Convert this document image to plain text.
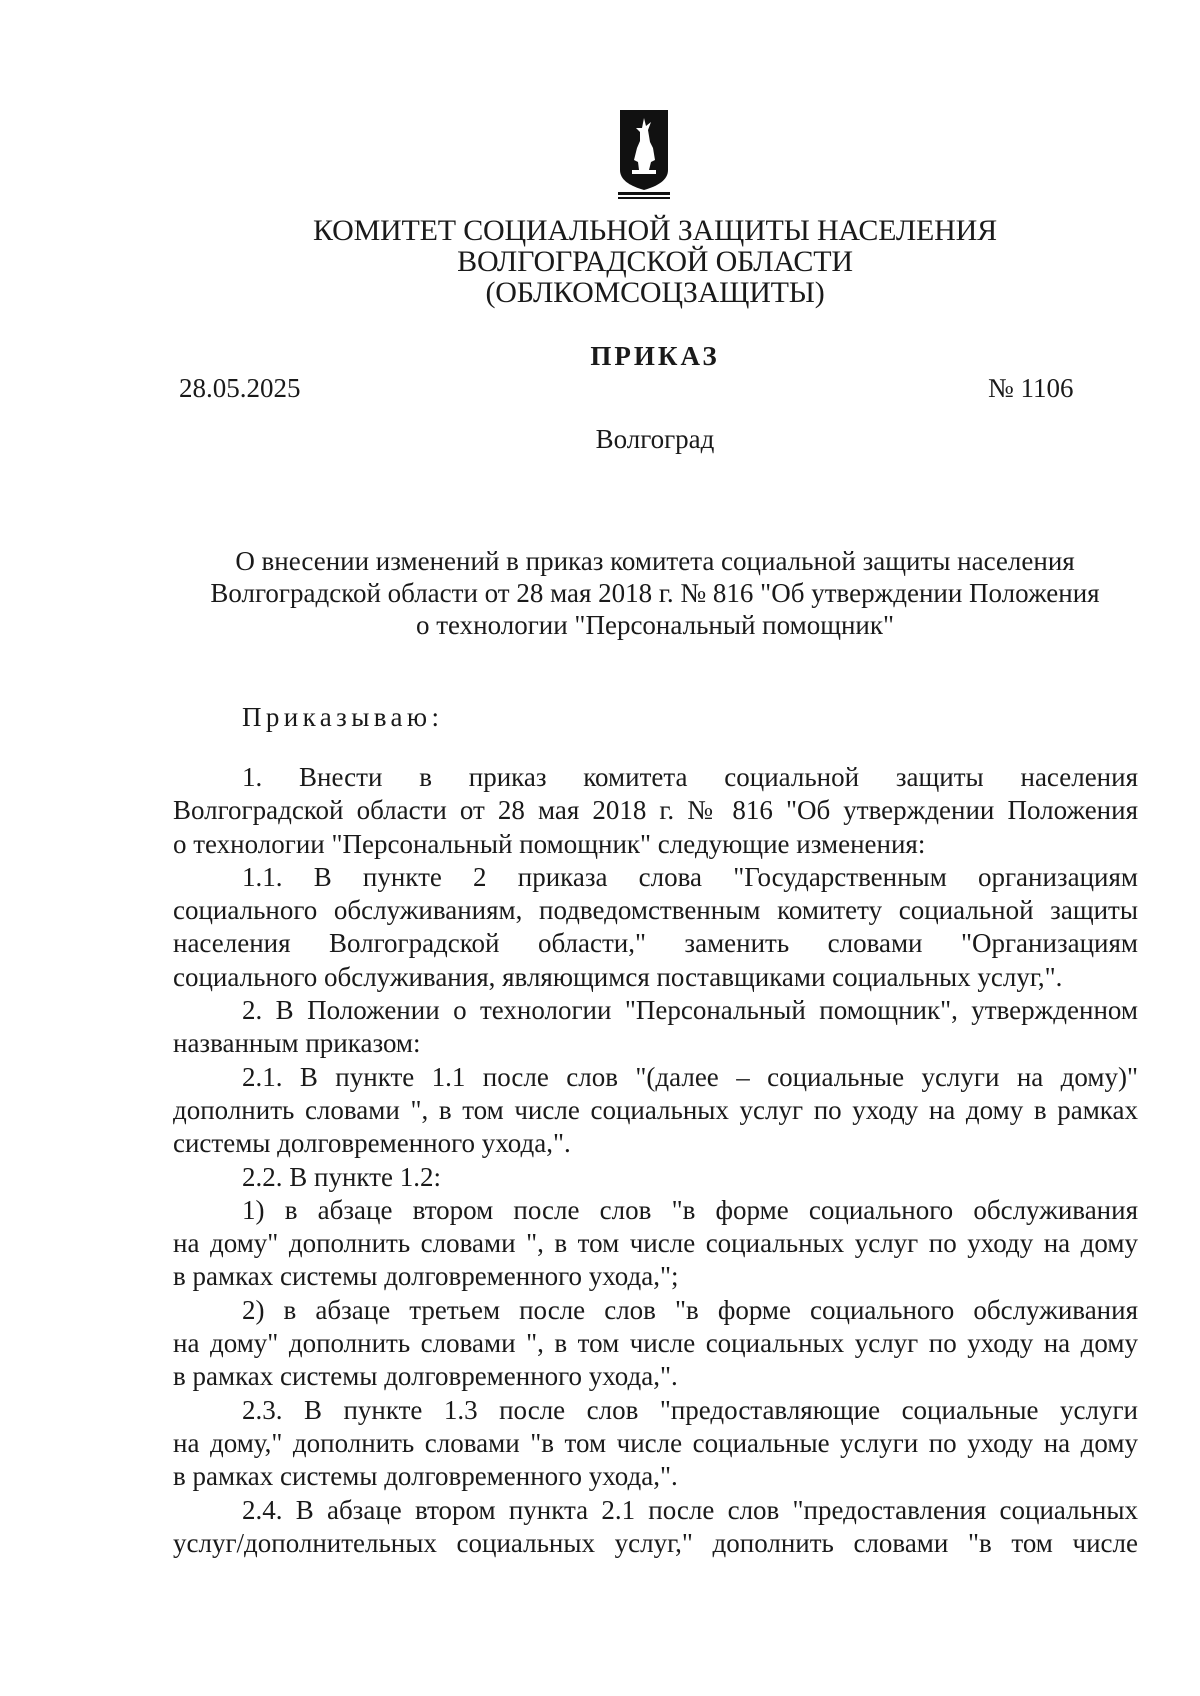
КОМИТЕТ СОЦИАЛЬНОЙ ЗАЩИТЫ НАСЕЛЕНИЯ
ВОЛГОГРАДСКОЙ ОБЛАСТИ
(ОБЛКОМСОЦЗАЩИТЫ)
ПРИКАЗ
28.05.2025	№ 1106
Волгоград
О внесении изменений в приказ комитета социальной защиты населения
Волгоградской области от 28 мая 2018 г. № 816 "Об утверждении Положения
о технологии "Персональный помощник"
Приказываю:
1. Внести в приказ комитета социальной защиты населения
Волгоградской области от 28 мая 2018 г. № 816 "Об утверждении Положения
о технологии "Персональный помощник" следующие изменения:
1.1. В пункте 2 приказа слова "Государственным организациям
социального обслуживаниям, подведомственным комитету социальной защиты
населения Волгоградской области," заменить словами "Организациям
социального обслуживания, являющимся поставщиками социальных услуг,".
2. В Положении о технологии "Персональный помощник", утвержденном
названным приказом:
2.1. В пункте 1.1 после слов "(далее – социальные услуги на дому)"
дополнить словами ", в том числе социальных услуг по уходу на дому в рамках
системы долговременного ухода,".
2.2. В пункте 1.2:
1) в абзаце втором после слов "в форме социального обслуживания
на дому" дополнить словами ", в том числе социальных услуг по уходу на дому
в рамках системы долговременного ухода,";
2) в абзаце третьем после слов "в форме социального обслуживания
на дому" дополнить словами ", в том числе социальных услуг по уходу на дому
в рамках системы долговременного ухода,".
2.3. В пункте 1.3 после слов "предоставляющие социальные услуги
на дому," дополнить словами "в том числе социальные услуги по уходу на дому
в рамках системы долговременного ухода,".
2.4. В абзаце втором пункта 2.1 после слов "предоставления социальных
услуг/дополнительных социальных услуг," дополнить словами "в том числе
